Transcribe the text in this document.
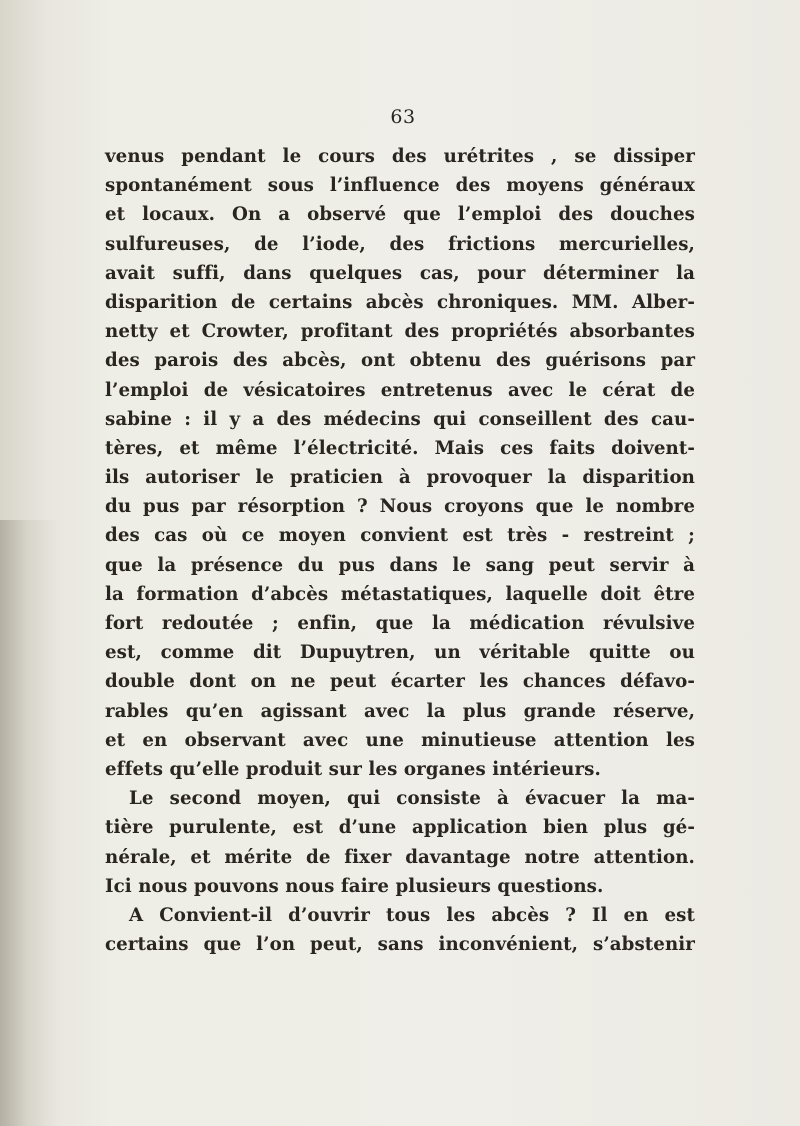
63
venus pendant le cours des urétrites , se dissiper
spontanément sous l’influence des moyens généraux
et locaux. On a observé que l’emploi des douches
sulfureuses, de l’iode, des frictions mercurielles,
avait suffi, dans quelques cas, pour déterminer la
disparition de certains abcès chroniques. MM. Alber-
netty et Crowter, profitant des propriétés absorbantes
des parois des abcès, ont obtenu des guérisons par
l’emploi de vésicatoires entretenus avec le cérat de
sabine : il y a des médecins qui conseillent des cau-
tères, et même l’électricité. Mais ces faits doivent-
ils autoriser le praticien à provoquer la disparition
du pus par résorption ? Nous croyons que le nombre
des cas où ce moyen convient est très - restreint ;
que la présence du pus dans le sang peut servir à
la formation d’abcès métastatiques, laquelle doit être
fort redoutée ; enfin, que la médication révulsive
est, comme dit Dupuytren, un véritable quitte ou
double dont on ne peut écarter les chances défavo-
rables qu’en agissant avec la plus grande réserve,
et en observant avec une minutieuse attention les
effets qu’elle produit sur les organes intérieurs.
Le second moyen, qui consiste à évacuer la ma-
tière purulente, est d’une application bien plus gé-
nérale, et mérite de fixer davantage notre attention.
Ici nous pouvons nous faire plusieurs questions.
A Convient-il d’ouvrir tous les abcès ? Il en est
certains que l’on peut, sans inconvénient, s’abstenir
